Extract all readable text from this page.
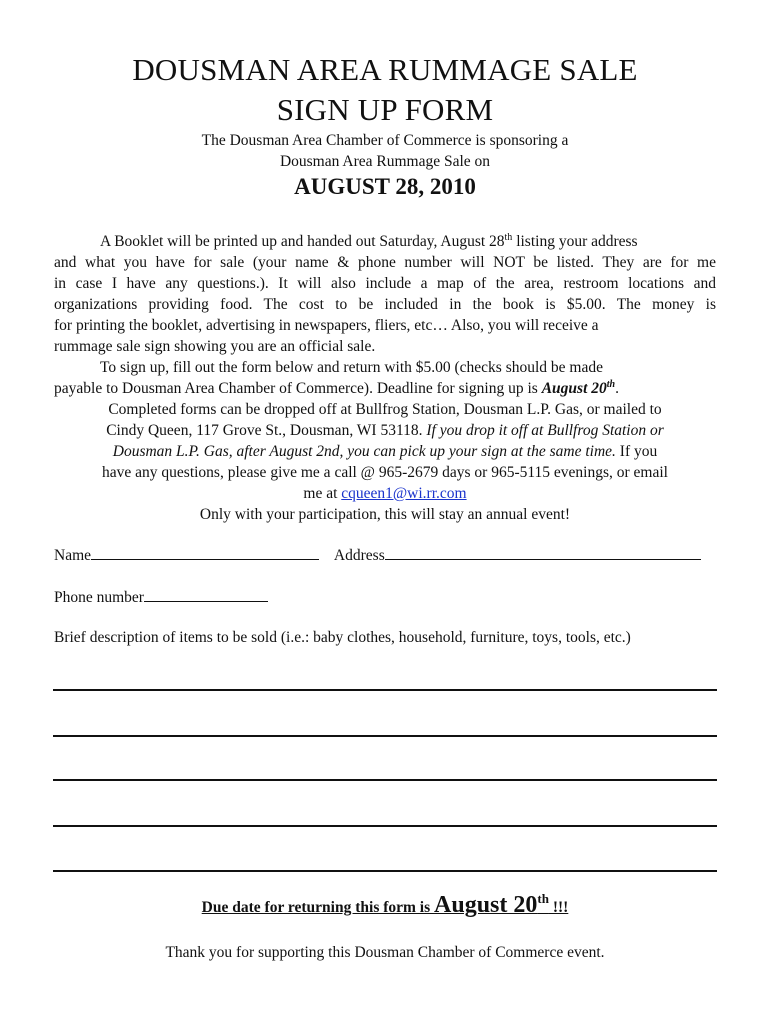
DOUSMAN AREA RUMMAGE SALE
SIGN UP FORM
The Dousman Area Chamber of Commerce is sponsoring a
Dousman Area Rummage Sale on
AUGUST 28, 2010
A Booklet will be printed up and handed out Saturday, August 28th listing your address
and what you have for sale (your name & phone number will NOT be listed. They are for me
in case I have any questions.). It will also include a map of the area, restroom locations and
organizations providing food. The cost to be included in the book is $5.00. The money is
for printing the booklet, advertising in newspapers, fliers, etc… Also, you will receive a
rummage sale sign showing you are an official sale.
To sign up, fill out the form below and return with $5.00 (checks should be made
payable to Dousman Area Chamber of Commerce). Deadline for signing up is August 20th.
Completed forms can be dropped off at Bullfrog Station, Dousman L.P. Gas, or mailed to
Cindy Queen, 117 Grove St., Dousman, WI 53118. If you drop it off at Bullfrog Station or
Dousman L.P. Gas, after August 2nd, you can pick up your sign at the same time. If you
have any questions, please give me a call @ 965-2679 days or 965-5115 evenings, or email
me at cqueen1@wi.rr.com
Only with your participation, this will stay an annual event!
Name	Address
Phone number
Brief description of items to be sold (i.e.: baby clothes, household, furniture, toys, tools, etc.)
Due date for returning this form is August 20th !!!
Thank you for supporting this Dousman Chamber of Commerce event.
